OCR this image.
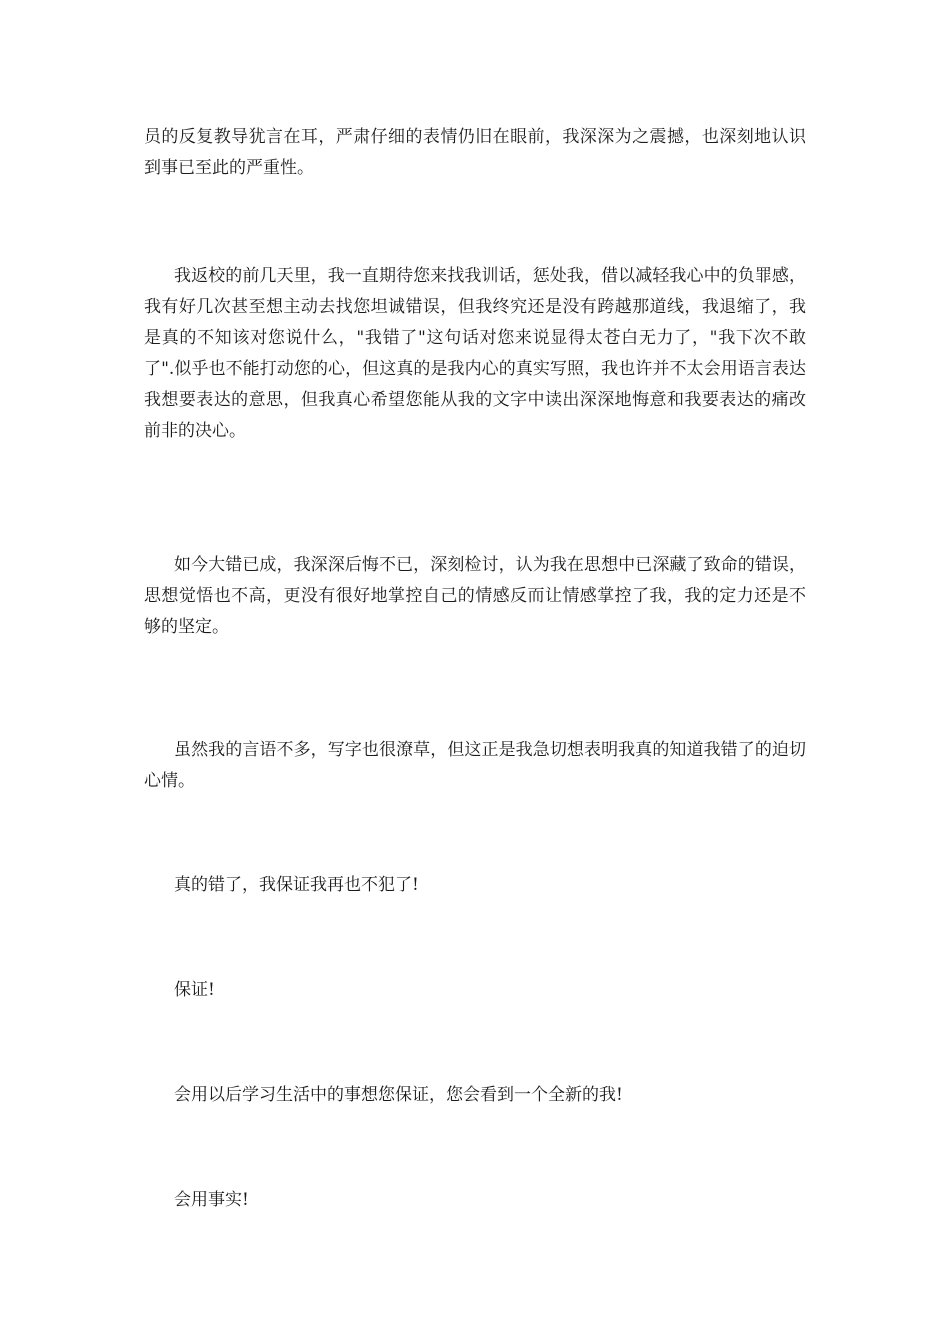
员的反复教导犹言在耳，严肃仔细的表情仍旧在眼前，我深深为之震撼，也深刻地认识到事已至此的严重性。

我返校的前几天里，我一直期待您来找我训话，惩处我，借以减轻我心中的负罪感，我有好几次甚至想主动去找您坦诚错误，但我终究还是没有跨越那道线，我退缩了，我是真的不知该对您说什么，"我错了"这句话对您来说显得太苍白无力了，"我下次不敢了".似乎也不能打动您的心，但这真的是我内心的真实写照，我也许并不太会用语言表达我想要表达的意思，但我真心希望您能从我的文字中读出深深地悔意和我要表达的痛改前非的决心。

如今大错已成，我深深后悔不已，深刻检讨，认为我在思想中已深藏了致命的错误，思想觉悟也不高，更没有很好地掌控自己的情感反而让情感掌控了我，我的定力还是不够的坚定。

虽然我的言语不多，写字也很潦草，但这正是我急切想表明我真的知道我错了的迫切心情。

真的错了，我保证我再也不犯了!

保证!

会用以后学习生活中的事想您保证，您会看到一个全新的我!

会用事实!
